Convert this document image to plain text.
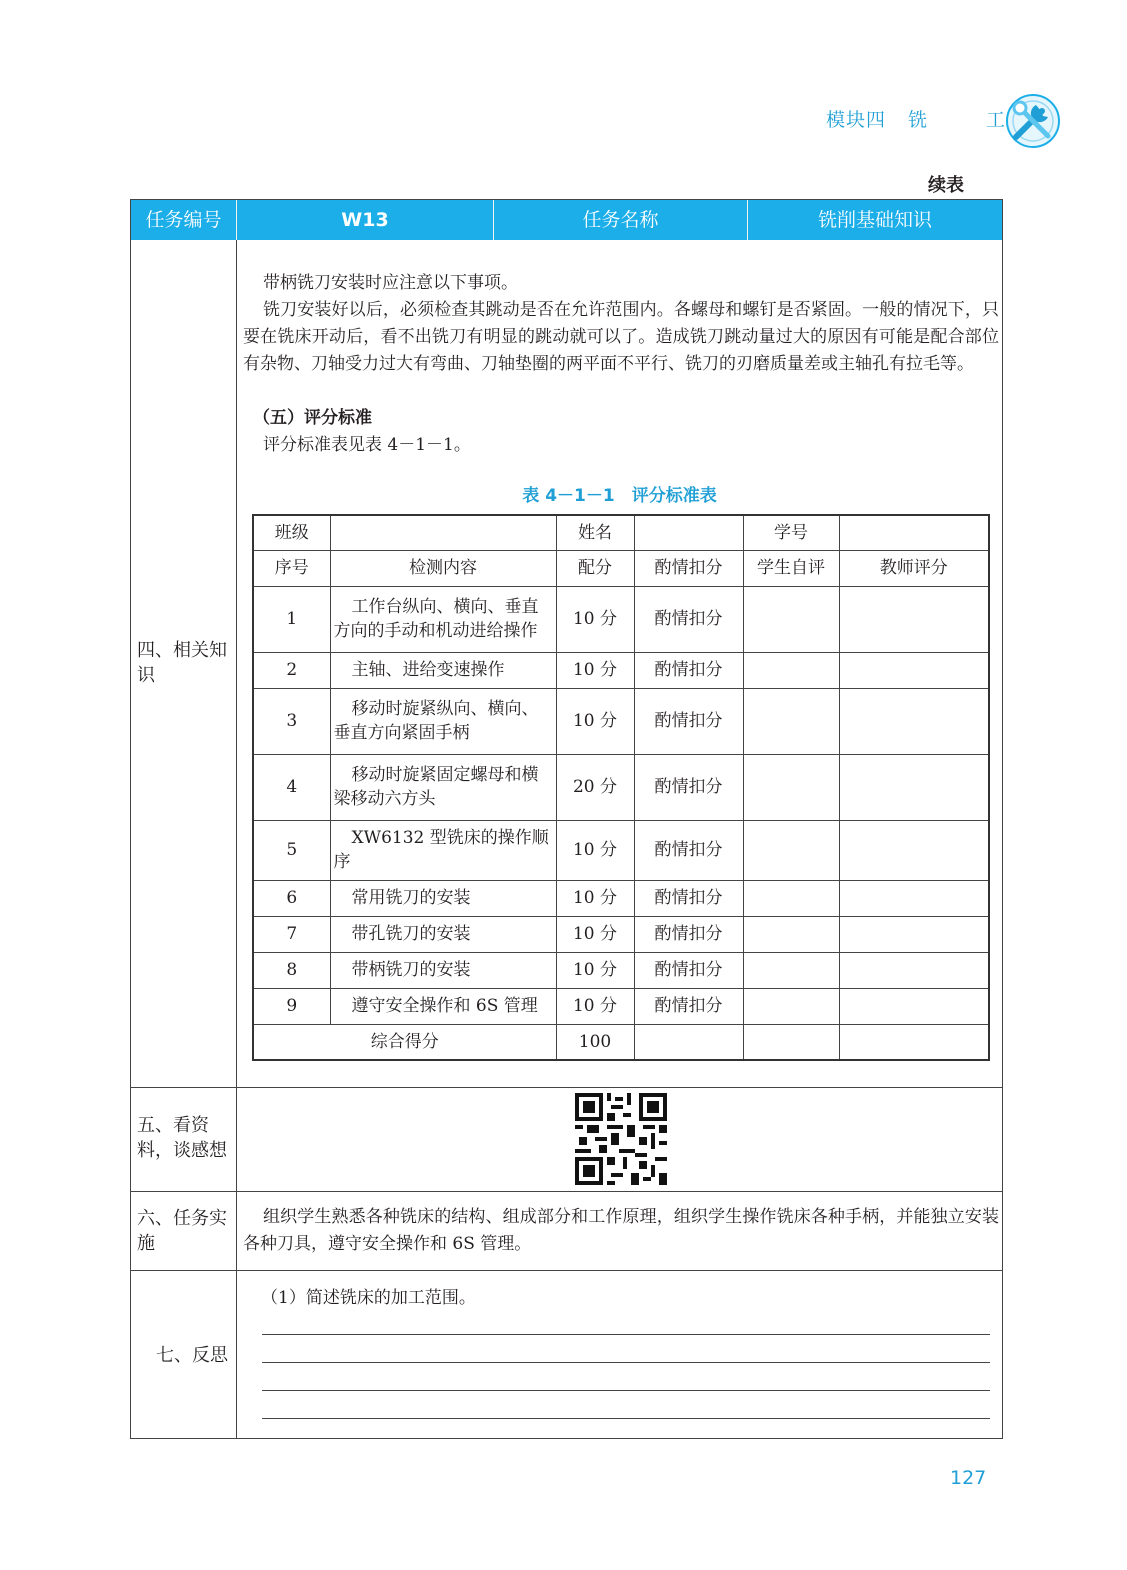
模块四 铣	工
续表
任务编号	W13	任务名称	铣削基础知识
四、相关知识
带柄铣刀安装时应注意以下事项。
铣刀安装好以后，必须检查其跳动是否在允许范围内。各螺母和螺钉是否紧固。一般的情况下，只要在铣床开动后，看不出铣刀有明显的跳动就可以了。造成铣刀跳动量过大的原因有可能是配合部位有杂物、刀轴受力过大有弯曲、刀轴垫圈的两平面不平行、铣刀的刃磨质量差或主轴孔有拉毛等。
（五）评分标准
评分标准表见表 4－1－1。
表 4－1－1　评分标准表
班级		姓名		学号	
序号	检测内容	配分	酌情扣分	学生自评	教师评分
1	工作台纵向、横向、垂直方向的手动和机动进给操作	10 分	酌情扣分		
2	主轴、进给变速操作	10 分	酌情扣分		
3	移动时旋紧纵向、横向、垂直方向紧固手柄	10 分	酌情扣分		
4	移动时旋紧固定螺母和横梁移动六方头	20 分	酌情扣分		
5	XW6132 型铣床的操作顺序	10 分	酌情扣分		
6	常用铣刀的安装	10 分	酌情扣分		
7	带孔铣刀的安装	10 分	酌情扣分		
8	带柄铣刀的安装	10 分	酌情扣分		
9	遵守安全操作和 6S 管理	10 分	酌情扣分		
综合得分		100			
五、看资料，谈感想
六、任务实施
组织学生熟悉各种铣床的结构、组成部分和工作原理，组织学生操作铣床各种手柄，并能独立安装各种刀具，遵守安全操作和 6S 管理。
七、反思
（1）简述铣床的加工范围。
127
